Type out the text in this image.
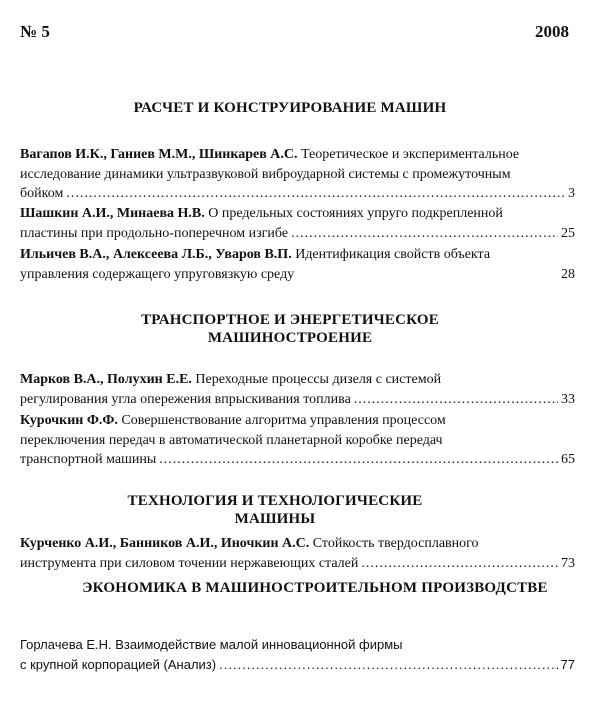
№ 5	2008
РАСЧЕТ И КОНСТРУИРОВАНИЕ МАШИН
Вагапов И.К., Ганиев М.М., Шинкарев А.С. Теоретическое и экспериментальное
исследование динамики ультразвуковой виброударной системы с промежуточным
бойком .....	3
Шашкин А.И., Минаева Н.В. О предельных состояниях упруго подкрепленной
пластины при продольно-поперечном изгибе .....	25
Ильичев В.А., Алексеева Л.Б., Уваров В.П. Идентификация свойств объекта
управления содержащего упруговязкую среду	28
ТРАНСПОРТНОЕ И ЭНЕРГЕТИЧЕСКОЕ
МАШИНОСТРОЕНИЕ
Марков В.А., Полухин Е.Е. Переходные процессы дизеля с системой
регулирования угла опережения впрыскивания топлива .....	33
Курочкин Ф.Ф. Совершенствование алгоритма управления процессом
переключения передач в автоматической планетарной коробке передач
транспортной машины .....	65
ТЕХНОЛОГИЯ И ТЕХНОЛОГИЧЕСКИЕ
МАШИНЫ
Курченко А.И., Банников А.И., Иночкин А.С. Стойкость твердосплавного
инструмента при силовом точении нержавеющих сталей .....	73
ЭКОНОМИКА В МАШИНОСТРОИТЕЛЬНОМ ПРОИЗВОДСТВЕ
Горлачева Е.Н. Взаимодействие малой инновационной фирмы
с крупной корпорацией (Анализ) .....	77
